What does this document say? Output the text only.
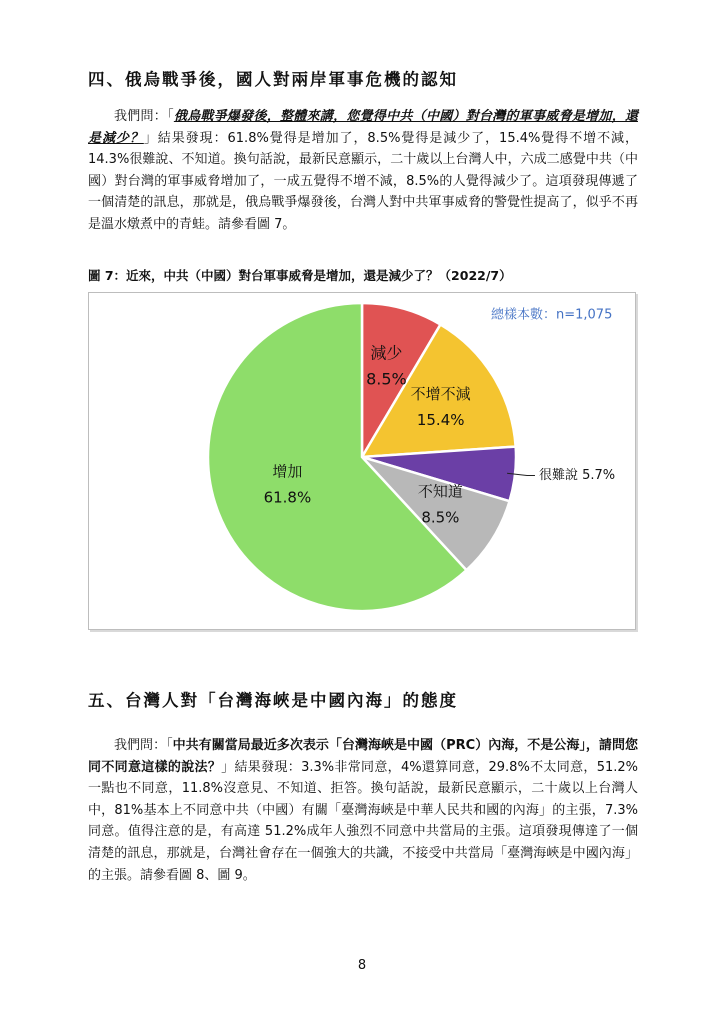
四、俄烏戰爭後，國人對兩岸軍事危機的認知

我們問：「俄烏戰爭爆發後，整體來講，您覺得中共（中國）對台灣的軍事威脅是增加，還是減少？」結果發現：61.8%覺得是增加了，8.5%覺得是減少了，15.4%覺得不增不減，14.3%很難說、不知道。換句話說，最新民意顯示，二十歲以上台灣人中，六成二感覺中共（中國）對台灣的軍事威脅增加了，一成五覺得不增不減，8.5%的人覺得減少了。這項發現傳遞了一個清楚的訊息，那就是，俄烏戰爭爆發後，台灣人對中共軍事威脅的警覺性提高了，似乎不再是溫水燉煮中的青蛙。請參看圖 7。

圖 7：近來，中共（中國）對台軍事威脅是增加，還是減少了？（2022/7）
減少
8.5%
不增不減
15.4%
很難說 5.7%
不知道
8.5%
增加
61.8%
總樣本數：n=1,075
五、台灣人對「台灣海峽是中國內海」的態度

我們問：「中共有關當局最近多次表示「台灣海峽是中國（PRC）內海，不是公海」，請問您同不同意這樣的說法？」結果發現：3.3%非常同意，4%還算同意，29.8%不太同意，51.2%一點也不同意，11.8%沒意見、不知道、拒答。換句話說，最新民意顯示，二十歲以上台灣人中，81%基本上不同意中共（中國）有關「臺灣海峽是中華人民共和國的內海」的主張，7.3%同意。值得注意的是，有高達 51.2%成年人強烈不同意中共當局的主張。這項發現傳達了一個清楚的訊息，那就是，台灣社會存在一個強大的共識，不接受中共當局「臺灣海峽是中國內海」的主張。請參看圖 8、圖 9。

8
